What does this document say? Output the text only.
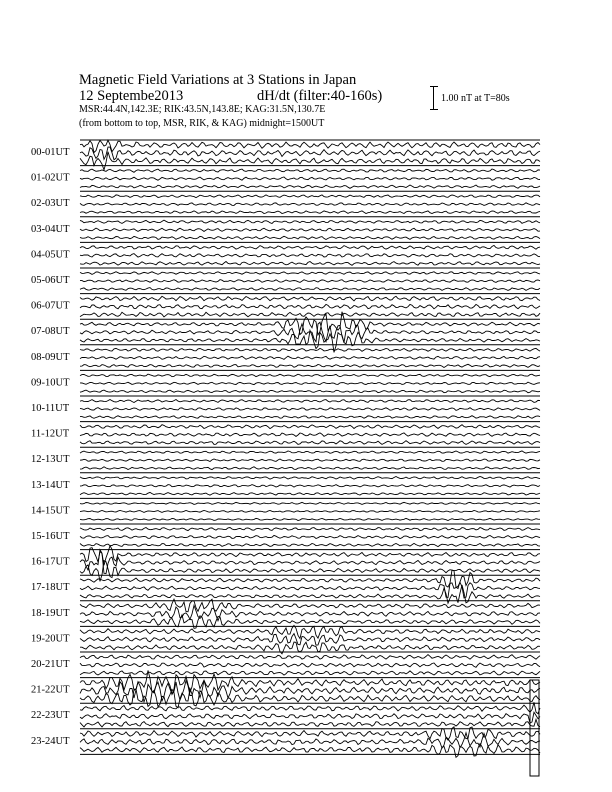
Magnetic Field Variations at 3 Stations in Japan
12 Septembe2013	dH/dt (filter:40-160s)
MSR:44.4N,142.3E; RIK:43.5N,143.8E; KAG:31.5N,130.7E
(from bottom to top, MSR, RIK, & KAG) midnight=1500UT
1.00 nT at T=80s
00-01UT
01-02UT
02-03UT
03-04UT
04-05UT
05-06UT
06-07UT
07-08UT
08-09UT
09-10UT
10-11UT
11-12UT
12-13UT
13-14UT
14-15UT
15-16UT
16-17UT
17-18UT
18-19UT
19-20UT
20-21UT
21-22UT
22-23UT
23-24UT
